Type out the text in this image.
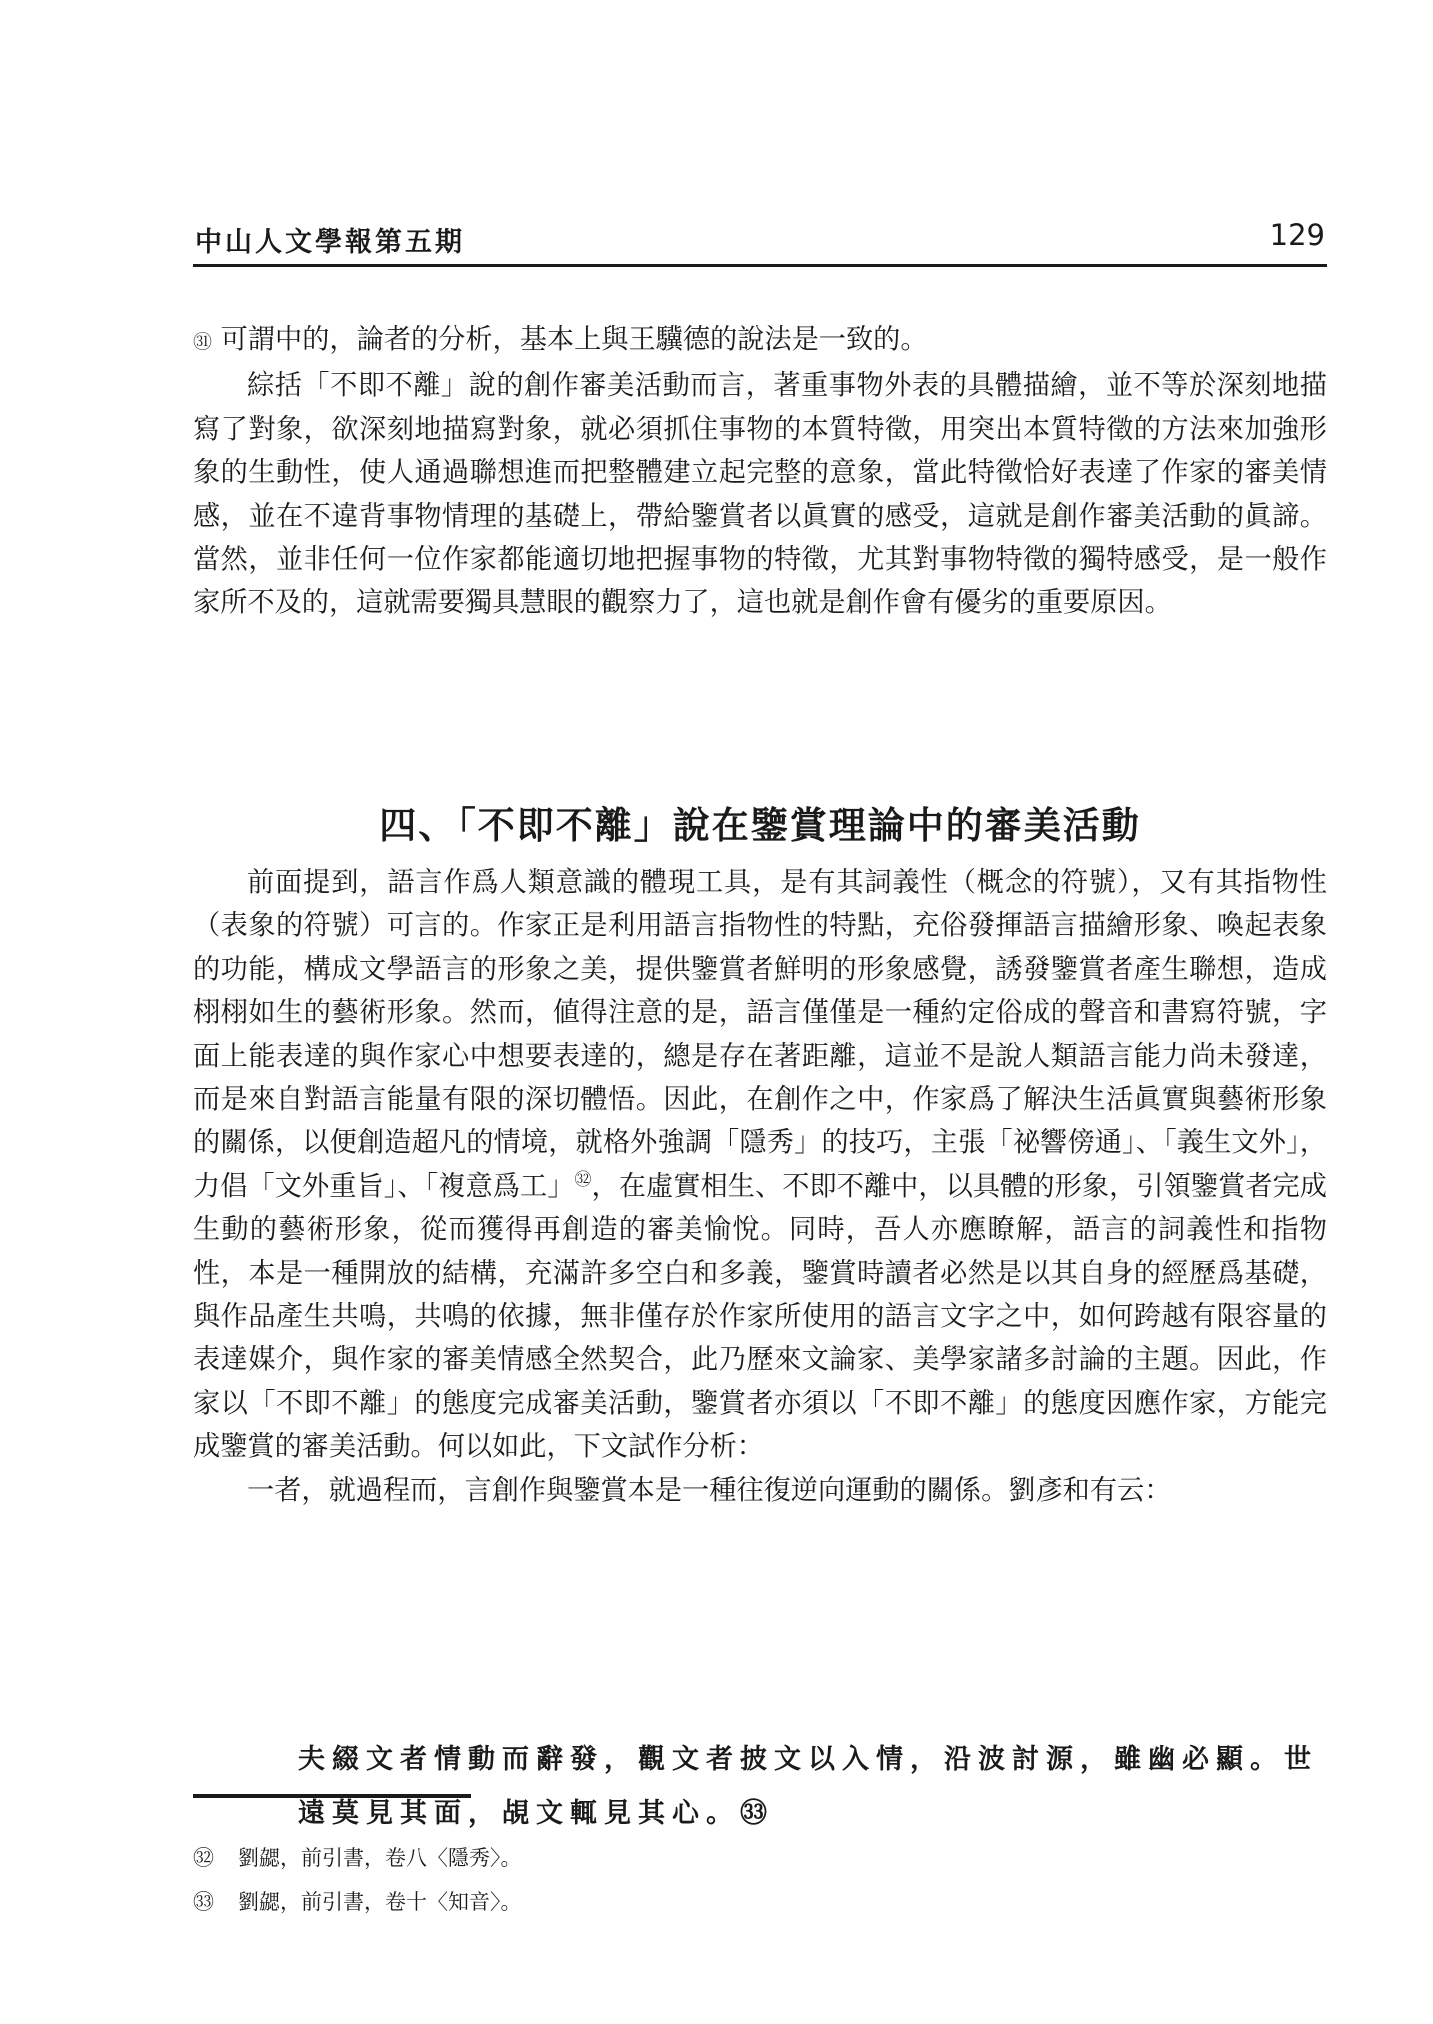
中山人文學報第五期	129

㉛ 可謂中的，論者的分析，基本上與王驥德的說法是一致的。

綜括「不即不離」說的創作審美活動而言，著重事物外表的具體描繪，並不等於深刻地描寫了對象，欲深刻地描寫對象，就必須抓住事物的本質特徵，用突出本質特徵的方法來加強形象的生動性，使人通過聯想進而把整體建立起完整的意象，當此特徵恰好表達了作家的審美情感，並在不違背事物情理的基礎上，帶給鑒賞者以眞實的感受，這就是創作審美活動的眞諦。當然，並非任何一位作家都能適切地把握事物的特徵，尤其對事物特徵的獨特感受，是一般作家所不及的，這就需要獨具慧眼的觀察力了，這也就是創作會有優劣的重要原因。

四、「不即不離」說在鑒賞理論中的審美活動

前面提到，語言作爲人類意識的體現工具，是有其詞義性（概念的符號），又有其指物性（表象的符號）可言的。作家正是利用語言指物性的特點，充俗發揮語言描繪形象、喚起表象的功能，構成文學語言的形象之美，提供鑒賞者鮮明的形象感覺，誘發鑒賞者產生聯想，造成栩栩如生的藝術形象。然而，値得注意的是，語言僅僅是一種約定俗成的聲音和書寫符號，字面上能表達的與作家心中想要表達的，總是存在著距離，這並不是說人類語言能力尚未發達，而是來自對語言能量有限的深切體悟。因此，在創作之中，作家爲了解決生活眞實與藝術形象的關係，以便創造超凡的情境，就格外強調「隱秀」的技巧，主張「祕響傍通」、「義生文外」，力倡「文外重旨」、「複意爲工」$^㉜$，在虛實相生、不即不離中，以具體的形象，引領鑒賞者完成生動的藝術形象，從而獲得再創造的審美愉悅。同時，吾人亦應瞭解，語言的詞義性和指物性，本是一種開放的結構，充滿許多空白和多義，鑒賞時讀者必然是以其自身的經歷爲基礎，與作品產生共鳴，共鳴的依據，無非僅存於作家所使用的語言文字之中，如何跨越有限容量的表達媒介，與作家的審美情感全然契合，此乃歷來文論家、美學家諸多討論的主題。因此，作家以「不即不離」的態度完成審美活動，鑒賞者亦須以「不即不離」的態度因應作家，方能完成鑒賞的審美活動。何以如此，下文試作分析：

一者，就過程而，言創作與鑒賞本是一種往復逆向運動的關係。劉彥和有云：

夫綴文者情動而辭發，觀文者披文以入情，沿波討源，雖幽必顯。世
遠莫見其面，覘文輒見其心。㉝
㉜ 劉勰，前引書，卷八〈隱秀〉。
㉝ 劉勰，前引書，卷十〈知音〉。
